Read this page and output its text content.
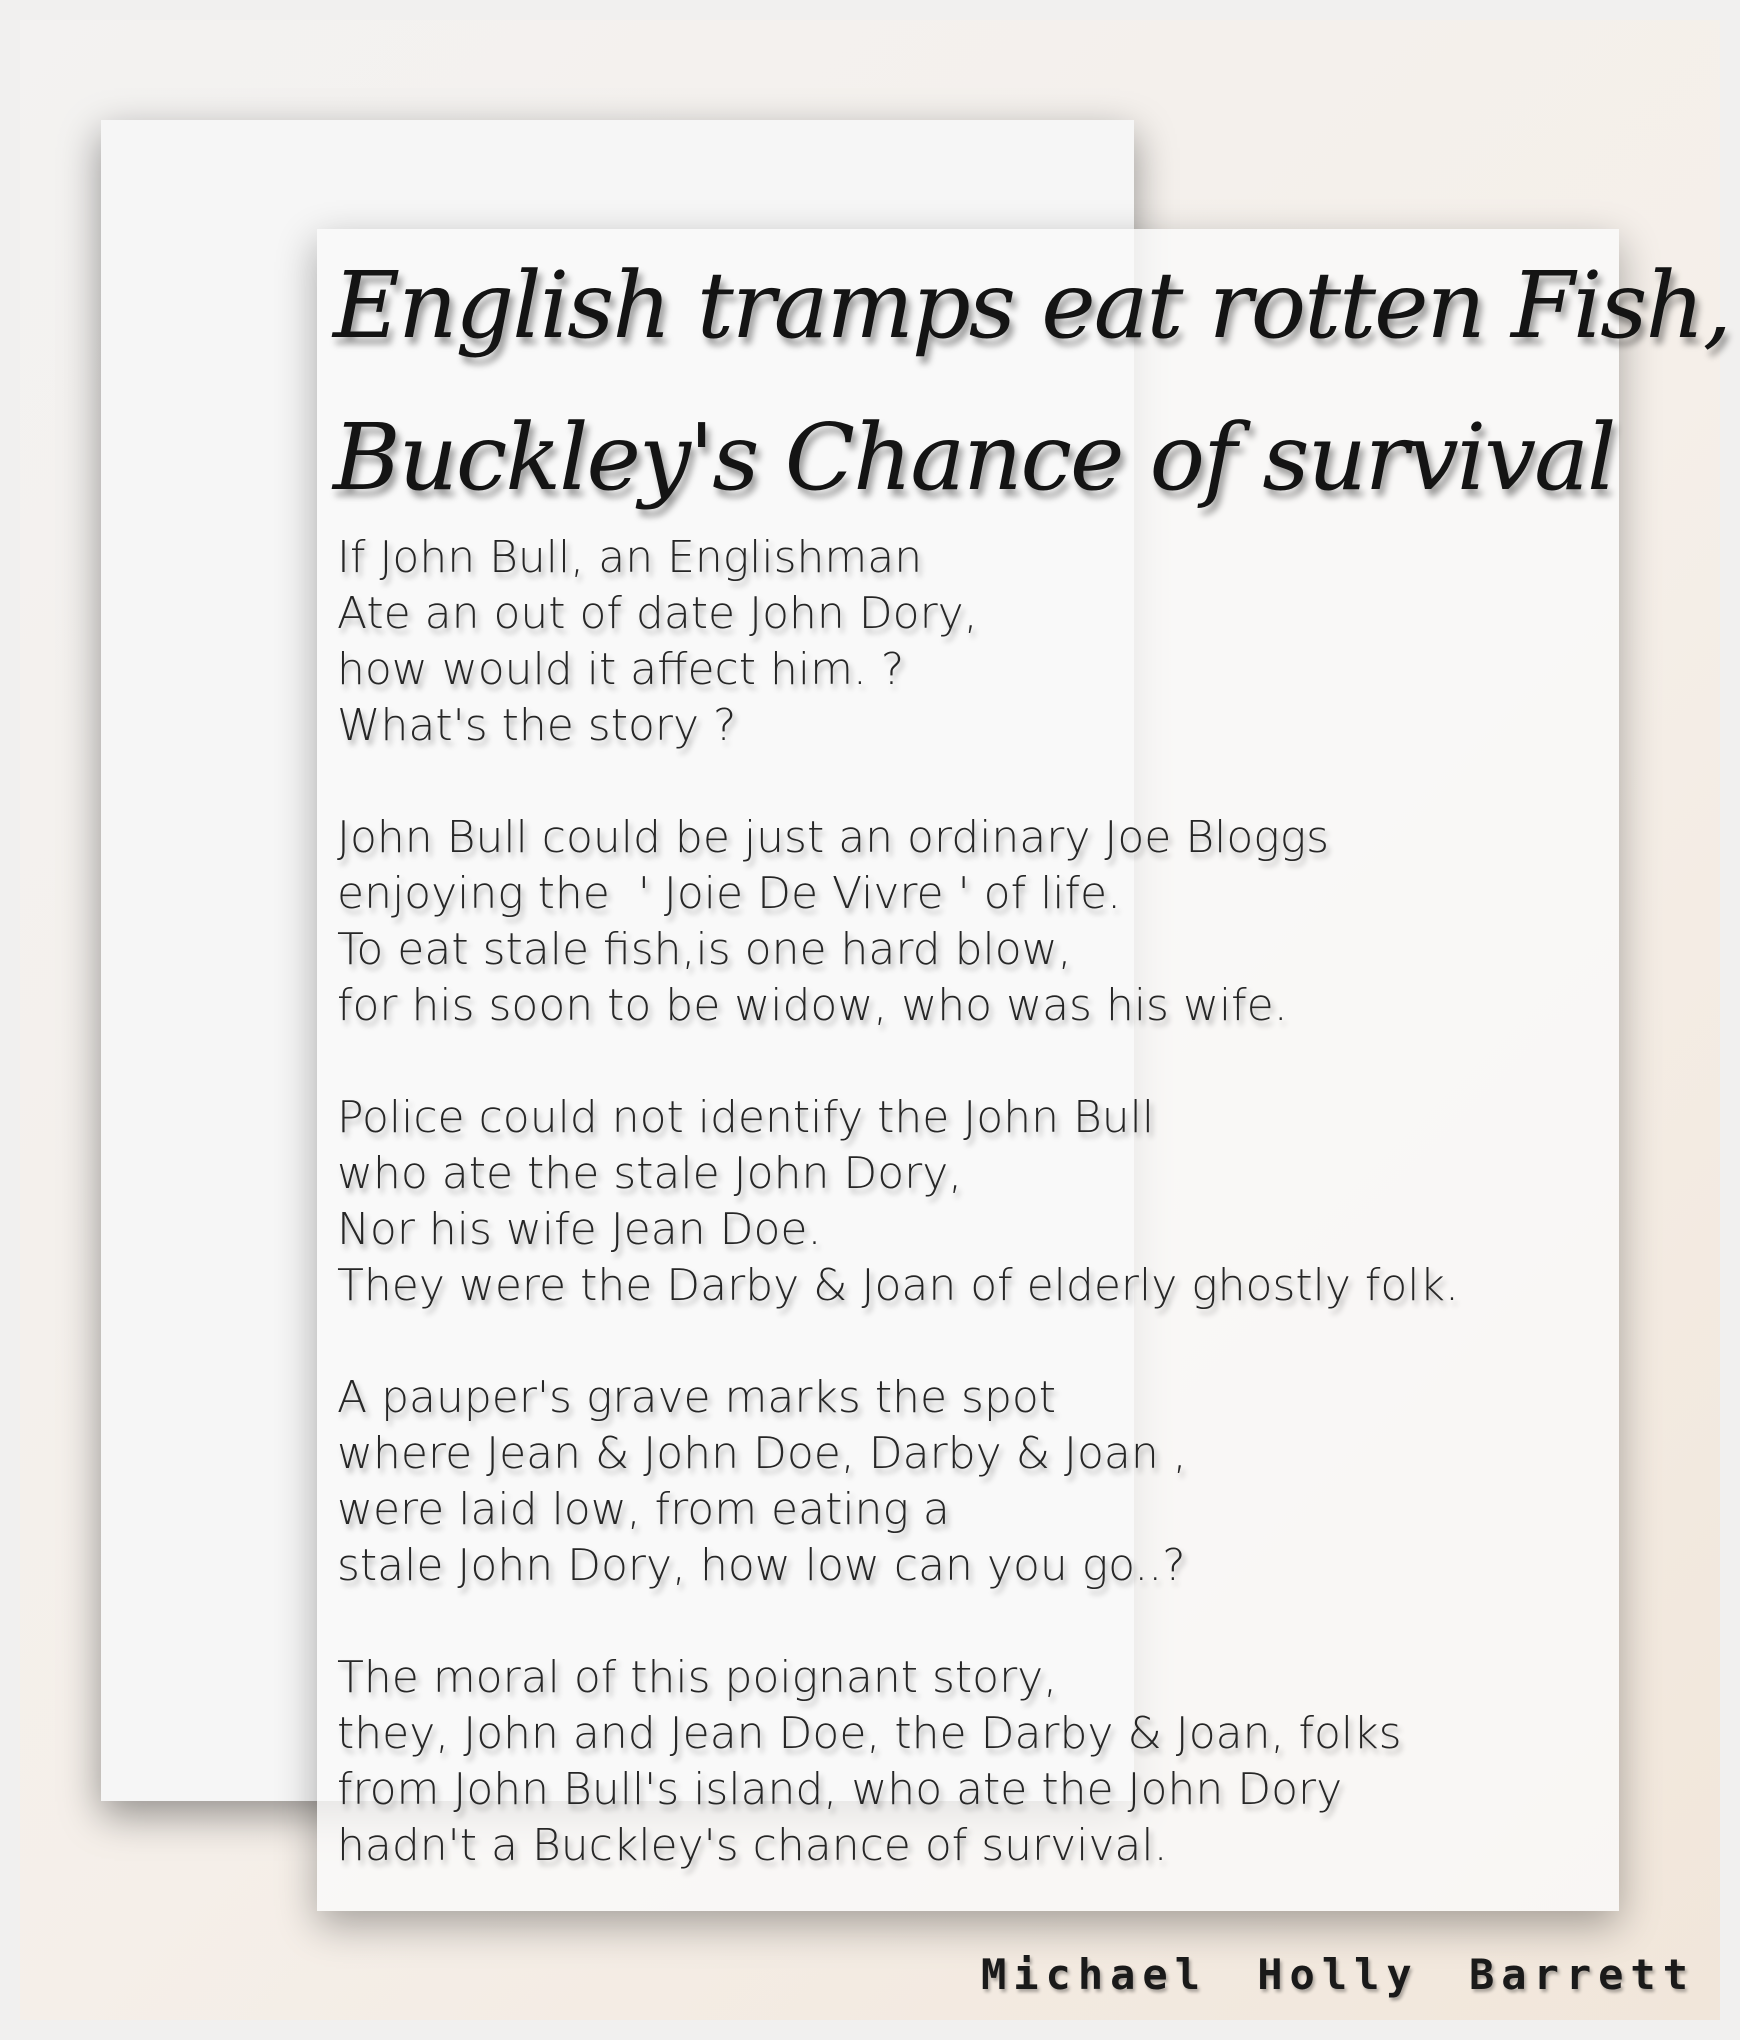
English tramps eat rotten Fish,
Buckley's Chance of survival
If John Bull, an Englishman
Ate an out of date John Dory,
how would it affect him. ?
What's the story ?
John Bull could be just an ordinary Joe Bloggs
enjoying the  ' Joie De Vivre ' of life.
To eat stale fish,is one hard blow,
for his soon to be widow, who was his wife.
Police could not identify the John Bull
who ate the stale John Dory,
Nor his wife Jean Doe.
They were the Darby & Joan of elderly ghostly folk.
A pauper's grave marks the spot
where Jean & John Doe, Darby & Joan ,
were laid low, from eating a
stale John Dory, how low can you go..?
The moral of this poignant story,
they, John and Jean Doe, the Darby & Joan, folks
from John Bull's island, who ate the John Dory
hadn't a Buckley's chance of survival.
Michael Holly Barrett
